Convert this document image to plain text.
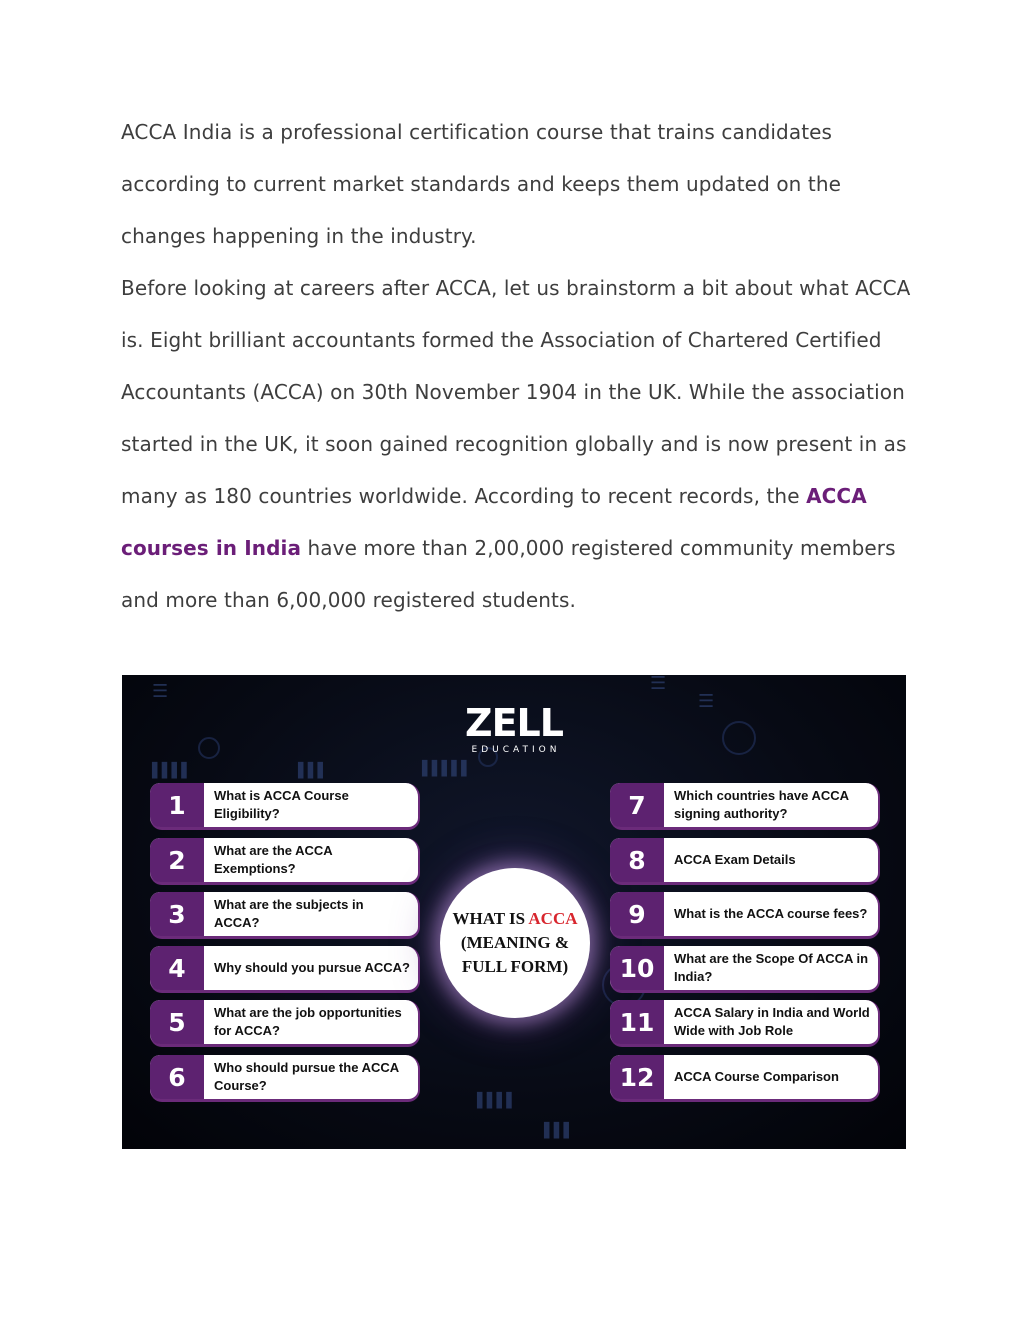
ACCA India is a professional certification course that trains candidates according to current market standards and keeps them updated on the changes happening in the industry.

Before looking at careers after ACCA, let us brainstorm a bit about what ACCA is. Eight brilliant accountants formed the Association of Chartered Certified Accountants (ACCA) on 30th November 1904 in the UK. While the association started in the UK, it soon gained recognition globally and is now present in as many as 180 countries worldwide. According to recent records, the ACCA courses in India have more than 2,00,000 registered community members and more than 6,00,000 registered students.

☰	☰
☰
▌▌▌▌	▌▌▌	▌▌▌▌▌
▌▌▌▌
▌▌▌
ZELL
EDUCATION
1	What is ACCA Course Eligibility?
2	What are the ACCA Exemptions?
3	What are the subjects in ACCA?
4	Why should you pursue ACCA?
5	What are the job opportunities for ACCA?
6	Who should pursue the ACCA Course?
WHAT IS ACCA
(MEANING &
FULL FORM)
7	Which countries have ACCA signing authority?
8	ACCA Exam Details
9	What is the ACCA course fees?
10	What are the Scope Of ACCA in India?
11	ACCA Salary in India and World Wide with Job Role
12	ACCA Course Comparison
